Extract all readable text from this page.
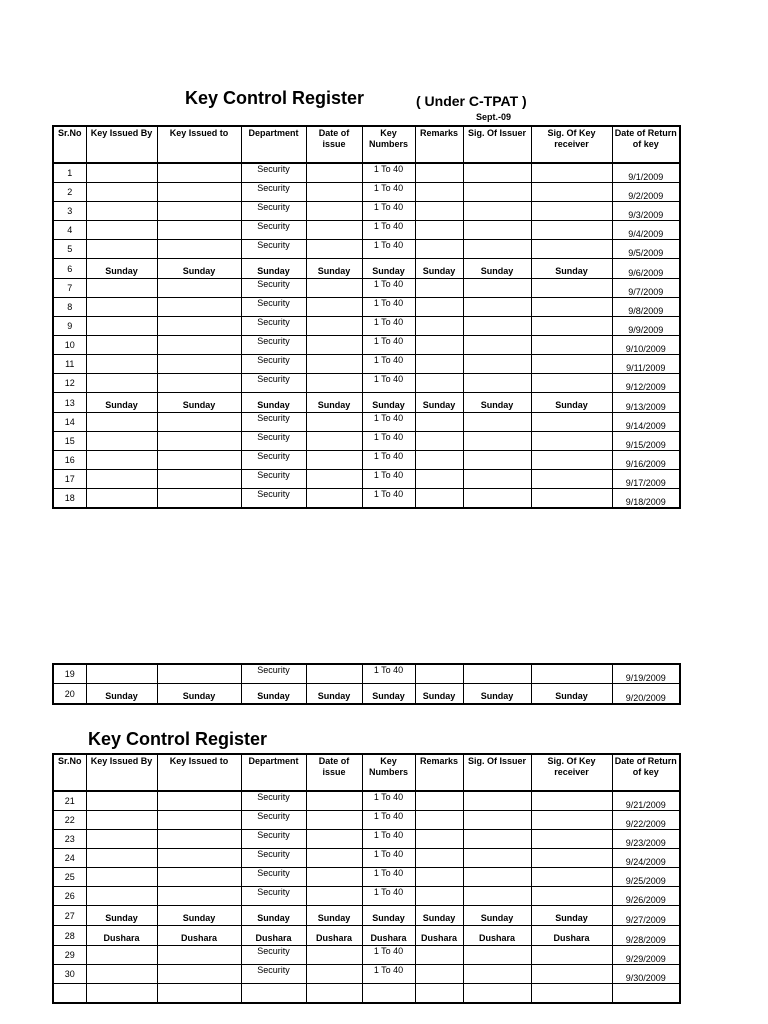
Key Control Register	( Under C-TPAT )
Sept.-09
Sr.No	Key Issued By	Key Issued to	Department	Date of issue	Key Numbers	Remarks	Sig. Of Issuer	Sig. Of Key receiver	Date of Return of key
1			Security		1 To 40				9/1/2009
2			Security		1 To 40				9/2/2009
3			Security		1 To 40				9/3/2009
4			Security		1 To 40				9/4/2009
5			Security		1 To 40				9/5/2009
6	Sunday	Sunday	Sunday	Sunday	Sunday	Sunday	Sunday	Sunday	9/6/2009
7			Security		1 To 40				9/7/2009
8			Security		1 To 40				9/8/2009
9			Security		1 To 40				9/9/2009
10			Security		1 To 40				9/10/2009
11			Security		1 To 40				9/11/2009
12			Security		1 To 40				9/12/2009
13	Sunday	Sunday	Sunday	Sunday	Sunday	Sunday	Sunday	Sunday	9/13/2009
14			Security		1 To 40				9/14/2009
15			Security		1 To 40				9/15/2009
16			Security		1 To 40				9/16/2009
17			Security		1 To 40				9/17/2009
18			Security		1 To 40				9/18/2009
19			Security		1 To 40				9/19/2009
20	Sunday	Sunday	Sunday	Sunday	Sunday	Sunday	Sunday	Sunday	9/20/2009
Key Control Register
Sr.No	Key Issued By	Key Issued to	Department	Date of issue	Key Numbers	Remarks	Sig. Of Issuer	Sig. Of Key receiver	Date of Return of key
21			Security		1 To 40				9/21/2009
22			Security		1 To 40				9/22/2009
23			Security		1 To 40				9/23/2009
24			Security		1 To 40				9/24/2009
25			Security		1 To 40				9/25/2009
26			Security		1 To 40				9/26/2009
27	Sunday	Sunday	Sunday	Sunday	Sunday	Sunday	Sunday	Sunday	9/27/2009
28	Dushara	Dushara	Dushara	Dushara	Dushara	Dushara	Dushara	Dushara	9/28/2009
29			Security		1 To 40				9/29/2009
30			Security		1 To 40				9/30/2009
